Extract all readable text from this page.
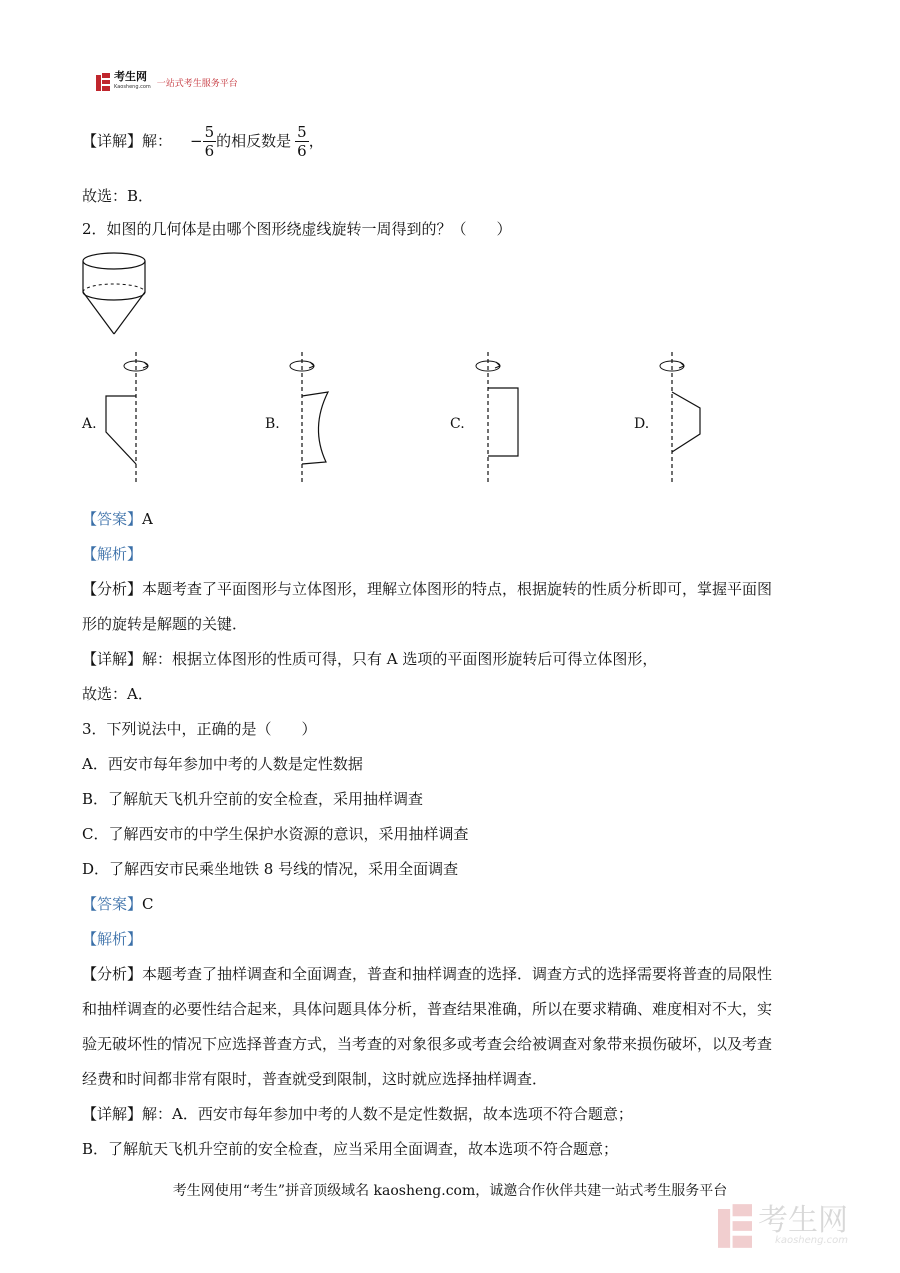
考生网
Kaosheng.com 一站式考生服务平台
【详解】解： − $\frac{5}{6}$ 的相反数是 $\frac{5}{6}$ ，
故选：B．
2．如图的几何体是由哪个图形绕虚线旋转一周得到的？（　　）
A.	B.	C.	D.
【答案】A
【解析】
【分析】本题考查了平面图形与立体图形，理解立体图形的特点，根据旋转的性质分析即可，掌握平面图
形的旋转是解题的关键．
【详解】解：根据立体图形的性质可得，只有 A 选项的平面图形旋转后可得立体图形，
故选：A．
3．下列说法中，正确的是（　　）
A．西安市每年参加中考的人数是定性数据
B．了解航天飞机升空前的安全检查，采用抽样调查
C．了解西安市的中学生保护水资源的意识，采用抽样调查
D．了解西安市民乘坐地铁 8 号线的情况，采用全面调查
【答案】C
【解析】
【分析】本题考查了抽样调查和全面调查，普查和抽样调查的选择．调查方式的选择需要将普查的局限性
和抽样调查的必要性结合起来，具体问题具体分析，普查结果准确，所以在要求精确、难度相对不大，实
验无破坏性的情况下应选择普查方式，当考查的对象很多或考查会给被调查对象带来损伤破坏，以及考查
经费和时间都非常有限时，普查就受到限制，这时就应选择抽样调查．
【详解】解：A．西安市每年参加中考的人数不是定性数据，故本选项不符合题意；
B．了解航天飞机升空前的安全检查，应当采用全面调查，故本选项不符合题意；
考生网使用“考生”拼音顶级域名 kaosheng.com，诚邀合作伙伴共建一站式考生服务平台
考生网
kaosheng.com
